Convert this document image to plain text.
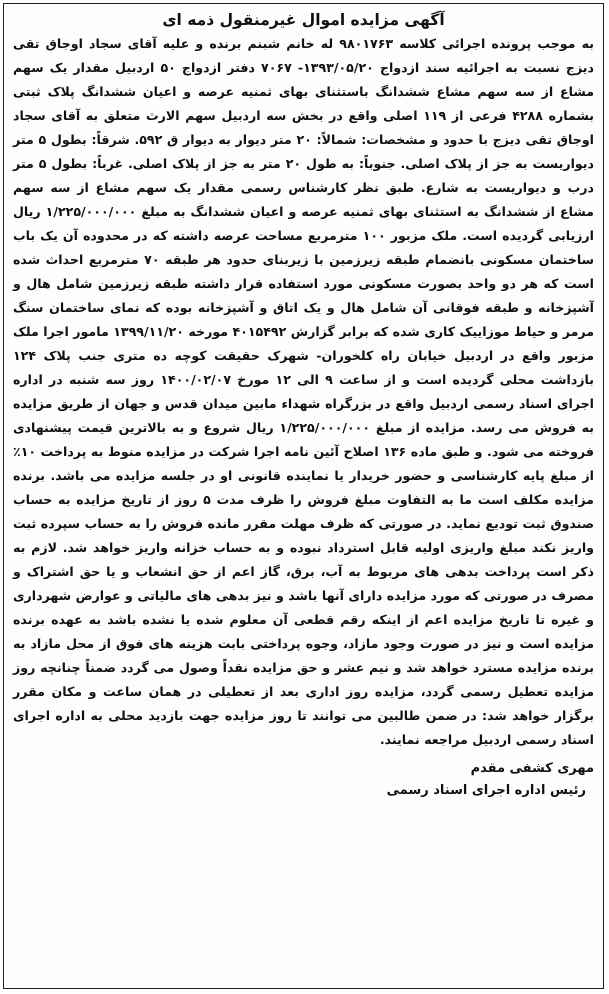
آگهی مزایده اموال غیرمنقول ذمه ای

به موجب پرونده اجرائی کلاسه ۹۸۰۱۷۶۳ له خانم شبنم برنده و علیه آقای سجاد اوجاق تقی دیزج نسبت به اجرائیه سند ازدواج ۱۳۹۳/۰۵/۲۰- ۷۰۶۷ دفتر ازدواج ۵۰ اردبیل مقدار یک سهم مشاع از سه سهم مشاع ششدانگ باستثنای بهای ثمنیه عرصه و اعیان ششدانگ پلاک ثبتی بشماره ۴۲۸۸ فرعی از ۱۱۹ اصلی واقع در بخش سه اردبیل سهم الارث متعلق به آقای سجاد اوجاق تقی دیزج با حدود و مشخصات: شمالاً: ۲۰ متر دیوار به دیوار ق ۵۹۲. شرقاً: بطول ۵ متر دیواریست به جز از پلاک اصلی. جنوباً: به طول ۲۰ متر به جز از پلاک اصلی. غرباً: بطول ۵ متر درب و دیواریست به شارع. طبق نظر کارشناس رسمی مقدار یک سهم مشاع از سه سهم مشاع از ششدانگ به استثنای بهای ثمنیه عرصه و اعیان ششدانگ به مبلغ ۱/۲۲۵/۰۰۰/۰۰۰ ریال ارزیابی گردیده است. ملک مزبور ۱۰۰ مترمربع مساحت عرصه داشته که در محدوده آن یک باب ساختمان مسکونی بانضمام طبقه زیرزمین با زیربنای حدود هر طبقه ۷۰ مترمربع احداث شده است که هر دو واحد بصورت مسکونی مورد استفاده قرار داشته طبقه زیرزمین شامل هال و آشپزخانه و طبقه فوقانی آن شامل هال و یک اتاق و آشپزخانه بوده که نمای ساختمان سنگ مرمر و حیاط موزاییک کاری شده که برابر گزارش ۴۰۱۵۴۹۲ مورخه ۱۳۹۹/۱۱/۲۰ مامور اجرا ملک مزبور واقع در اردبیل خیابان راه کلخوران- شهرک حقیقت کوچه ده متری جنب پلاک ۱۲۴ بازداشت محلی گردیده است و از ساعت ۹ الی ۱۲ مورخ ۱۴۰۰/۰۲/۰۷ روز سه شنبه در اداره اجرای اسناد رسمی اردبیل واقع در بزرگراه شهداء مابین میدان قدس و جهان از طریق مزایده به فروش می رسد. مزایده از مبلغ ۱/۲۲۵/۰۰۰/۰۰۰ ریال شروع و به بالاترین قیمت پیشنهادی فروخته می شود. و طبق ماده ۱۳۶ اصلاح آئین نامه اجرا شرکت در مزایده منوط به پرداخت ۱۰٪ از مبلغ پایه کارشناسی و حضور خریدار یا نماینده قانونی او در جلسه مزایده می باشد. برنده مزایده مکلف است ما به التفاوت مبلغ فروش را ظرف مدت ۵ روز از تاریخ مزایده به حساب صندوق ثبت تودیع نماید. در صورتی که ظرف مهلت مقرر مانده فروش را به حساب سپرده ثبت واریز نکند مبلغ واریزی اولیه قابل استرداد نبوده و به حساب خزانه واریز خواهد شد. لازم به ذکر است پرداخت بدهی های مربوط به آب، برق، گاز اعم از حق انشعاب و یا حق اشتراک و مصرف در صورتی که مورد مزایده دارای آنها باشد و نیز بدهی های مالیاتی و عوارض شهرداری و غیره تا تاریخ مزایده اعم از اینکه رقم قطعی آن معلوم شده یا نشده باشد به عهده برنده مزایده است و نیز در صورت وجود مازاد، وجوه پرداختی بابت هزینه های فوق از محل مازاد به برنده مزایده مسترد خواهد شد و نیم عشر و حق مزایده نقداً وصول می گردد ضمناً چنانچه روز مزایده تعطیل رسمی گردد، مزایده روز اداری بعد از تعطیلی در همان ساعت و مکان مقرر برگزار خواهد شد: در ضمن طالبین می توانند تا روز مزایده جهت بازدید محلی به اداره اجرای اسناد رسمی اردبیل مراجعه نمایند.

مهری کشفی مقدم
رئیس اداره اجرای اسناد رسمی
